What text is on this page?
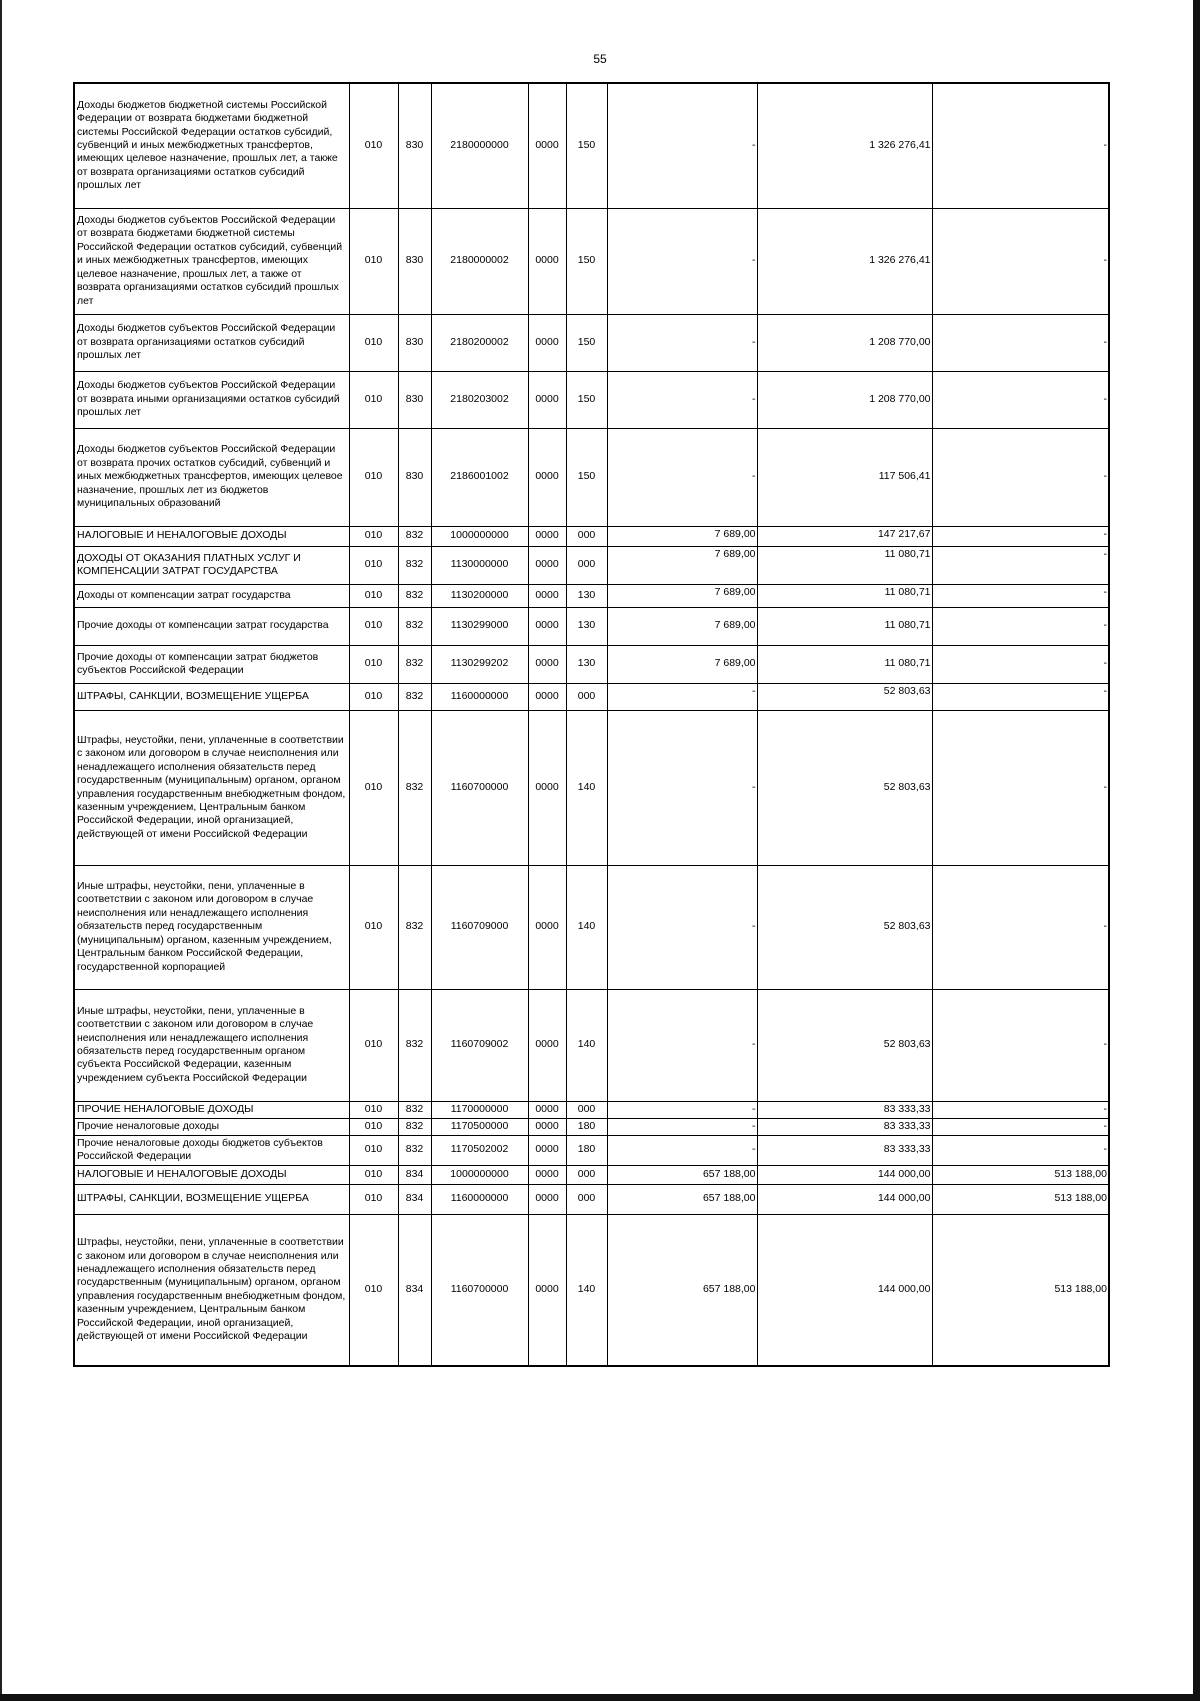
55
Доходы бюджетов бюджетной системы Российской Федерации от возврата бюджетами бюджетной системы Российской Федерации остатков субсидий, субвенций и иных межбюджетных трансфертов, имеющих целевое назначение, прошлых лет, а также от возврата организациями остатков субсидий прошлых лет	010	830	2180000000	0000	150	-	1 326 276,41	-
Доходы бюджетов субъектов Российской Федерации от возврата бюджетами бюджетной системы Российской Федерации остатков субсидий, субвенций и иных межбюджетных трансфертов, имеющих целевое назначение, прошлых лет, а также от возврата организациями остатков субсидий прошлых лет	010	830	2180000002	0000	150	-	1 326 276,41	-
Доходы бюджетов субъектов Российской Федерации от возврата организациями остатков субсидий прошлых лет	010	830	2180200002	0000	150	-	1 208 770,00	-
Доходы бюджетов субъектов Российской Федерации от возврата иными организациями остатков субсидий прошлых лет	010	830	2180203002	0000	150	-	1 208 770,00	-
Доходы бюджетов субъектов Российской Федерации от возврата прочих остатков субсидий, субвенций и иных межбюджетных трансфертов, имеющих целевое назначение, прошлых лет из бюджетов муниципальных образований	010	830	2186001002	0000	150	-	117 506,41	-
НАЛОГОВЫЕ И НЕНАЛОГОВЫЕ ДОХОДЫ	010	832	1000000000	0000	000	7 689,00	147 217,67	-
ДОХОДЫ ОТ ОКАЗАНИЯ ПЛАТНЫХ УСЛУГ И КОМПЕНСАЦИИ ЗАТРАТ ГОСУДАРСТВА	010	832	1130000000	0000	000	7 689,00	11 080,71	-
Доходы от компенсации затрат государства	010	832	1130200000	0000	130	7 689,00	11 080,71	-
Прочие доходы от компенсации затрат государства	010	832	1130299000	0000	130	7 689,00	11 080,71	-
Прочие доходы от компенсации затрат бюджетов субъектов Российской Федерации	010	832	1130299202	0000	130	7 689,00	11 080,71	-
ШТРАФЫ, САНКЦИИ, ВОЗМЕЩЕНИЕ УЩЕРБА	010	832	1160000000	0000	000	-	52 803,63	-
Штрафы, неустойки, пени, уплаченные в соответствии с законом или договором в случае неисполнения или ненадлежащего исполнения обязательств перед государственным (муниципальным) органом, органом управления государственным внебюджетным фондом, казенным учреждением, Центральным банком Российской Федерации, иной организацией, действующей от имени Российской Федерации	010	832	1160700000	0000	140	-	52 803,63	-
Иные штрафы, неустойки, пени, уплаченные в соответствии с законом или договором в случае неисполнения или ненадлежащего исполнения обязательств перед государственным (муниципальным) органом, казенным учреждением, Центральным банком Российской Федерации, государственной корпорацией	010	832	1160709000	0000	140	-	52 803,63	-
Иные штрафы, неустойки, пени, уплаченные в соответствии с законом или договором в случае неисполнения или ненадлежащего исполнения обязательств перед государственным органом субъекта Российской Федерации, казенным учреждением субъекта Российской Федерации	010	832	1160709002	0000	140	-	52 803,63	-
ПРОЧИЕ НЕНАЛОГОВЫЕ ДОХОДЫ	010	832	1170000000	0000	000	-	83 333,33	-
Прочие неналоговые доходы	010	832	1170500000	0000	180	-	83 333,33	-
Прочие неналоговые доходы бюджетов субъектов Российской Федерации	010	832	1170502002	0000	180	-	83 333,33	-
НАЛОГОВЫЕ И НЕНАЛОГОВЫЕ ДОХОДЫ	010	834	1000000000	0000	000	657 188,00	144 000,00	513 188,00
ШТРАФЫ, САНКЦИИ, ВОЗМЕЩЕНИЕ УЩЕРБА	010	834	1160000000	0000	000	657 188,00	144 000,00	513 188,00
Штрафы, неустойки, пени, уплаченные в соответствии с законом или договором в случае неисполнения или ненадлежащего исполнения обязательств перед государственным (муниципальным) органом, органом управления государственным внебюджетным фондом, казенным учреждением, Центральным банком Российской Федерации, иной организацией, действующей от имени Российской Федерации	010	834	1160700000	0000	140	657 188,00	144 000,00	513 188,00
